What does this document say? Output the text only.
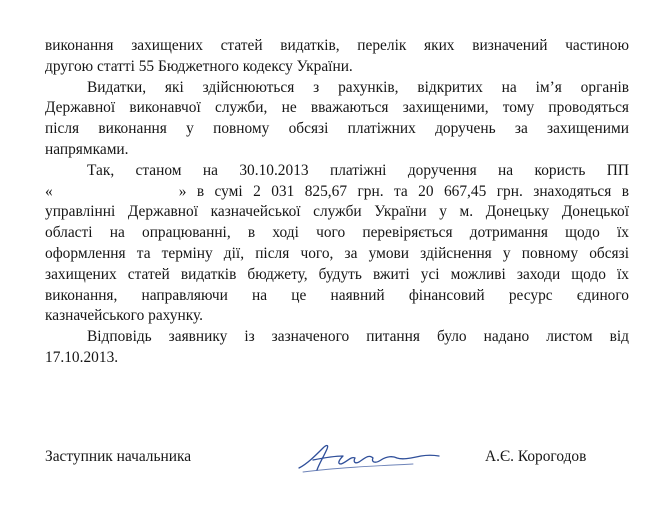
виконання захищених статей видатків, перелік яких визначений частиною
другою статті 55 Бюджетного кодексу України.
Видатки, які здійснюються з рахунків, відкритих на ім’я органів
Державної виконавчої служби, не вважаються захищеними, тому проводяться
після виконання у повному обсязі платіжних доручень за захищеними
напрямками.
Так, станом на 30.10.2013 платіжні доручення на користь ПП
«	» в сумі 2 031 825,67 грн. та 20 667,45 грн. знаходяться в
управлінні Державної казначейської служби України у м. Донецьку Донецької
області на опрацюванні, в ході чого перевіряється дотримання щодо їх
оформлення та терміну дії, після чого, за умови здійснення у повному обсязі
захищених статей видатків бюджету, будуть вжиті усі можливі заходи щодо їх
виконання, направляючи на це наявний фінансовий ресурс єдиного
казначейського рахунку.
Відповідь заявнику із зазначеного питання було надано листом від
17.10.2013.
Заступник начальника	А.Є. Корогодов
